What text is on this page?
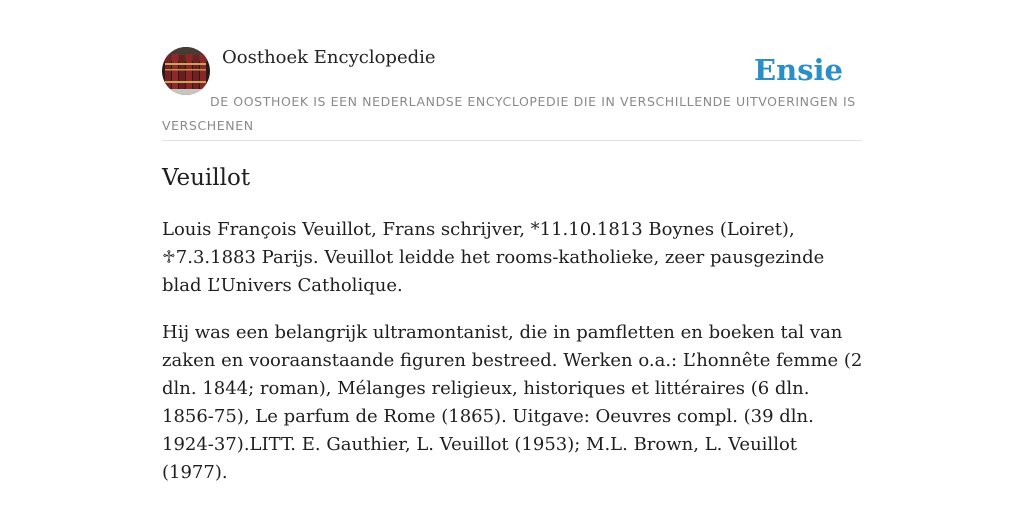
Oosthoek Encyclopedie	Ensie
DE OOSTHOEK IS EEN NEDERLANDSE ENCYCLOPEDIE DIE IN VERSCHILLENDE UITVOERINGEN IS VERSCHENEN
Veuillot

Louis François Veuillot, Frans schrijver, *11.10.1813 Boynes (Loiret), ♱7.3.1883 Parijs. Veuillot leidde het rooms-katholieke, zeer pausgezinde blad L’Univers Catholique.

Hij was een belangrijk ultramontanist, die in pamfletten en boeken tal van zaken en vooraanstaande figuren bestreed. Werken o.a.: L’honnête femme (2 dln. 1844; roman), Mélanges religieux, historiques et littéraires (6 dln. 1856-75), Le parfum de Rome (1865). Uitgave: Oeuvres compl. (39 dln. 1924-37).LITT. E. Gauthier, L. Veuillot (1953); M.L. Brown, L. Veuillot (1977).
